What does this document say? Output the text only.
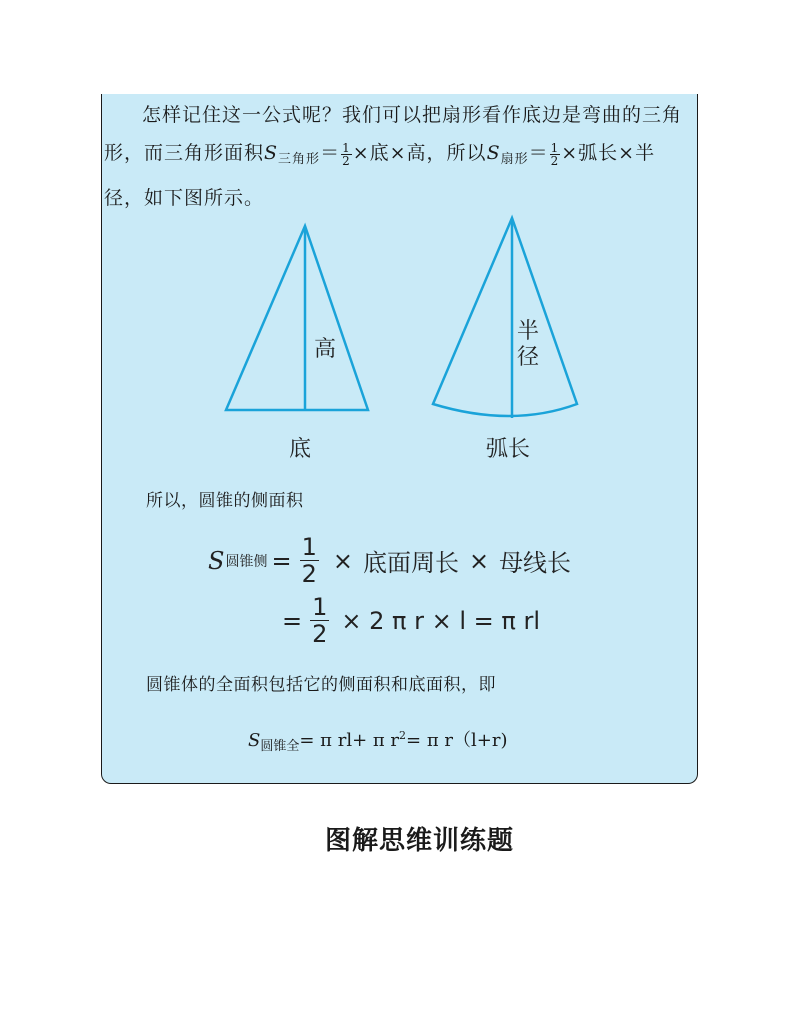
怎样记住这一公式呢？我们可以把扇形看作底边是弯曲的三角
形，而三角形面积$S_{三角形}= \frac{1}{2}$ ×底×高，所以$S_{扇形}= \frac{1}{2}$ ×弧长×半
径，如下图所示。
高
底
半
径
弧长
所以，圆锥的侧面积
S 圆锥侧 = $\frac{1}{2}$ × 底面周长 × 母线长
= $\frac{1}{2} \times 2$ π r × l = π rl
圆锥体的全面积包括它的侧面积和底面积，即
$S_{圆锥全}= \pi$ rl+ π $r^2= \pi$ r（l+r)
图解思维训练题
